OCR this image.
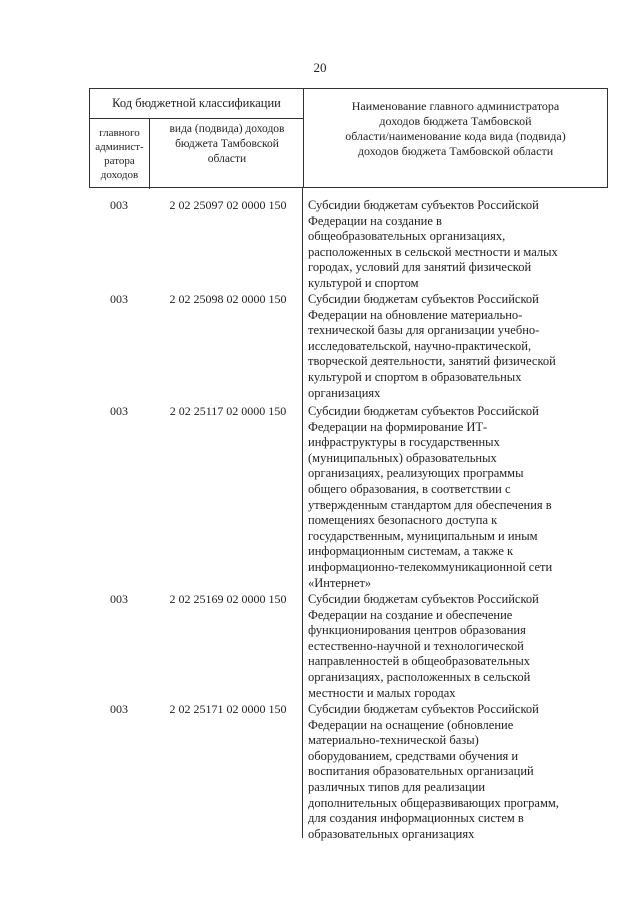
20
Код бюджетной классификации
главного
админист-
ратора
доходов
вида (подвида) доходов
бюджета Тамбовской
области
Наименование главного администратора
доходов бюджета Тамбовской
области/наименование кода вида (подвида)
доходов бюджета Тамбовской области
003	2 02 25097 02 0000 150	Субсидии бюджетам субъектов Российской
Федерации на создание в
общеобразовательных организациях,
расположенных в сельской местности и малых
городах, условий для занятий физической
культурой и спортом
003	2 02 25098 02 0000 150	Субсидии бюджетам субъектов Российской
Федерации на обновление материально-
технической базы для организации учебно-
исследовательской, научно-практической,
творческой деятельности, занятий физической
культурой и спортом в образовательных
организациях
003	2 02 25117 02 0000 150	Субсидии бюджетам субъектов Российской
Федерации на формирование ИТ-
инфраструктуры в государственных
(муниципальных) образовательных
организациях, реализующих программы
общего образования, в соответствии с
утвержденным стандартом для обеспечения в
помещениях безопасного доступа к
государственным, муниципальным и иным
информационным системам, а также к
информационно-телекоммуникационной сети
«Интернет»
003	2 02 25169 02 0000 150	Субсидии бюджетам субъектов Российской
Федерации на создание и обеспечение
функционирования центров образования
естественно-научной и технологической
направленностей в общеобразовательных
организациях, расположенных в сельской
местности и малых городах
003	2 02 25171 02 0000 150	Субсидии бюджетам субъектов Российской
Федерации на оснащение (обновление
материально-технической базы)
оборудованием, средствами обучения и
воспитания образовательных организаций
различных типов для реализации
дополнительных общеразвивающих программ,
для создания информационных систем в
образовательных организациях
